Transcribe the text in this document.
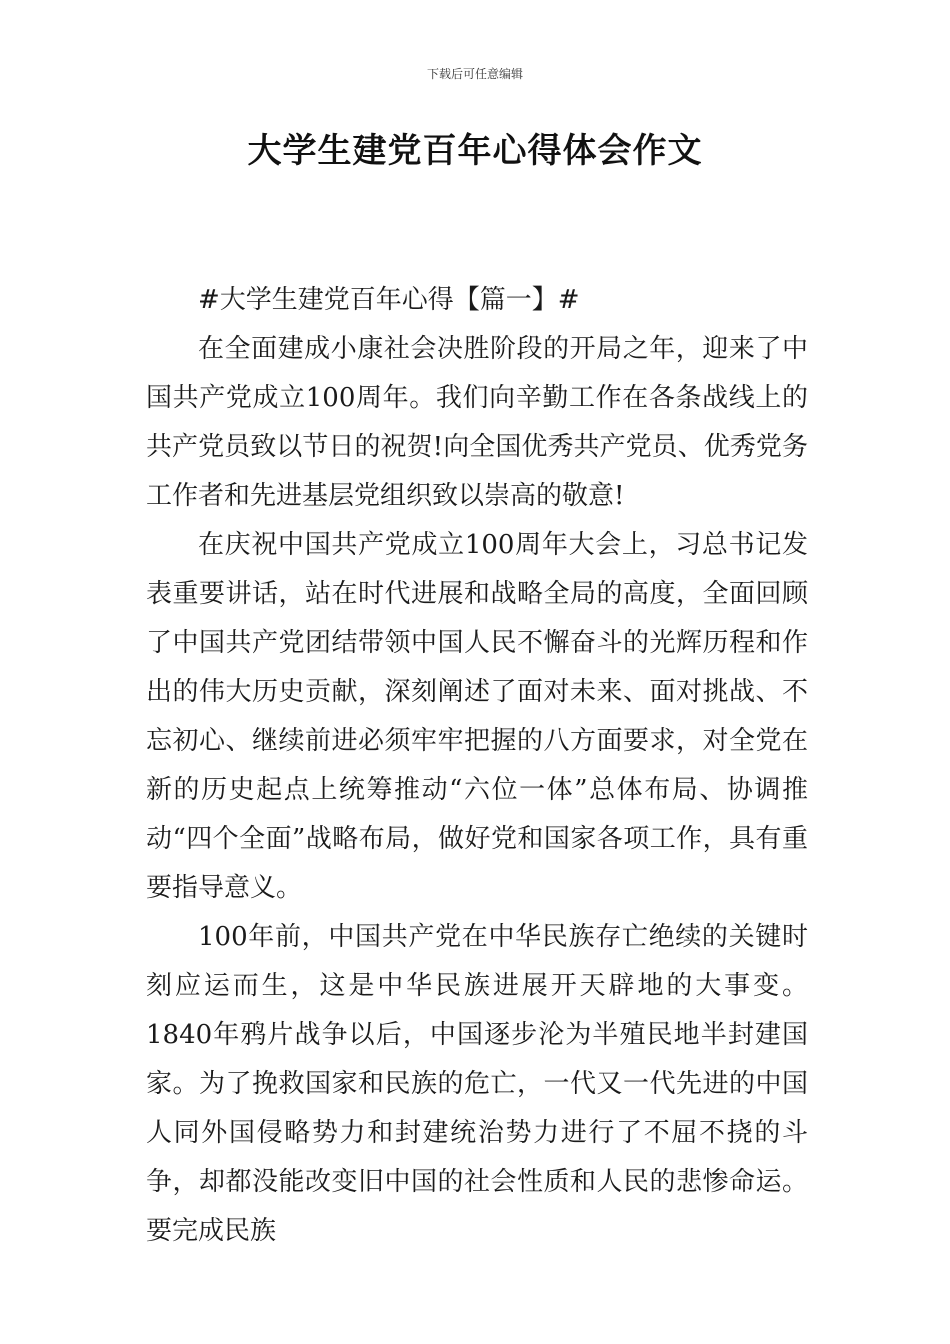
下载后可任意编辑
大学生建党百年心得体会作文

#大学生建党百年心得【篇一】#

在全面建成小康社会决胜阶段的开局之年，迎来了中国共产党成立100周年。我们向辛勤工作在各条战线上的共产党员致以节日的祝贺!向全国优秀共产党员、优秀党务工作者和先进基层党组织致以崇高的敬意!

在庆祝中国共产党成立100周年大会上，习总书记发表重要讲话，站在时代进展和战略全局的高度，全面回顾了中国共产党团结带领中国人民不懈奋斗的光辉历程和作出的伟大历史贡献，深刻阐述了面对未来、面对挑战、不忘初心、继续前进必须牢牢把握的八方面要求，对全党在新的历史起点上统筹推动“六位一体”总体布局、协调推动“四个全面”战略布局，做好党和国家各项工作，具有重要指导意义。

100年前，中国共产党在中华民族存亡绝续的关键时刻应运而生，这是中华民族进展开天辟地的大事变。1840年鸦片战争以后，中国逐步沦为半殖民地半封建国家。为了挽救国家和民族的危亡，一代又一代先进的中国人同外国侵略势力和封建统治势力进行了不屈不挠的斗争，却都没能改变旧中国的社会性质和人民的悲惨命运。要完成民族
